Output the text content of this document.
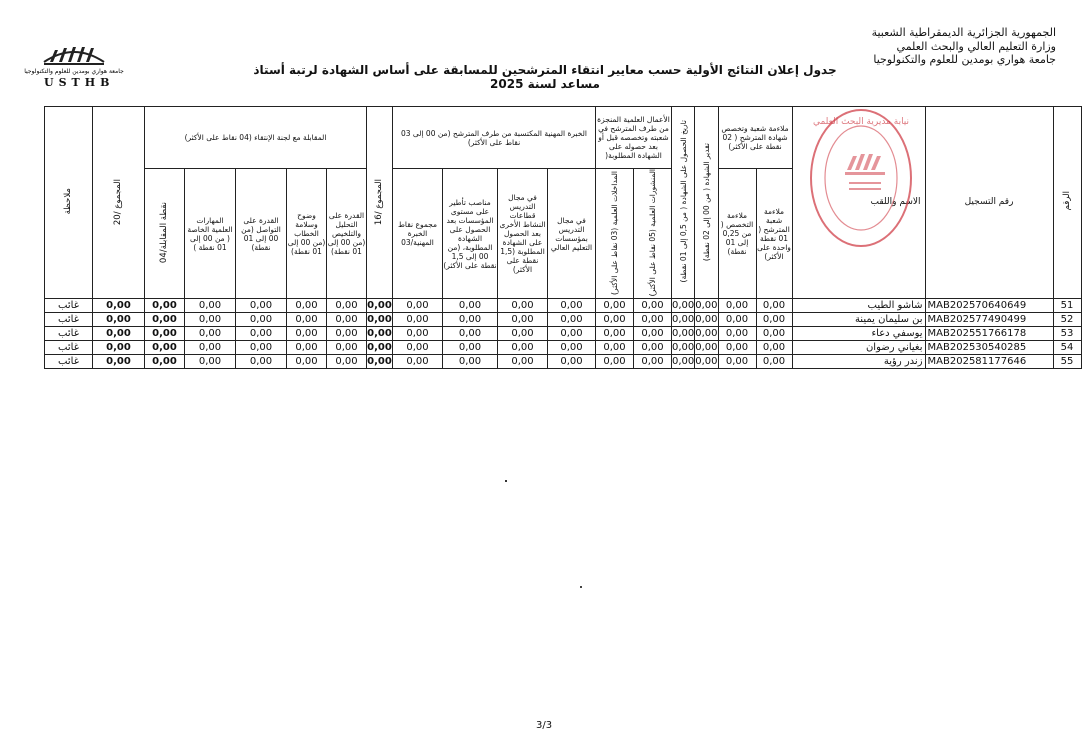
الجمهورية الجزائرية الديمقراطية الشعبية
وزارة التعليم العالي والبحث العلمي
جامعة هواري بومدين للعلوم والتكنولوجيا
جامعة هواري بومدين للعلوم والتكنولوجيا
USTHB
جدول إعلان النتائج الأولية حسب معايير انتقاء المترشحين للمسابقة على أساس الشهادة لرتبة أستاذ مساعد لسنة 2025
الرقم	رقم التسجيل	الاسم واللقب	ملاءمة شعبة وتخصص شهادة المترشح ( 02 نقطة على الأكثر)		تقدير الشهادة ( من 00 إلى 02 نقطة)	تاريخ الحصول على الشهادة ( من 0,5 إلى 01 نقطة)	الأعمال العلمية المنجزة من طرف المترشح في شعبته وتخصصه قبل أو بعد حصوله على الشهادة المطلوبة(		الخبرة المهنية المكتسبة من طرف المترشح (من 00 إلى 03 نقاط على الأكثر)				المجموع /16	المقابلة مع لجنة الإنتقاء (04 نقاط على الأكثر)					المجموع /20	ملاحظة
			ملاءمة شعبة المترشح ( 01 نقطة واحدة على الأكثر)	ملاءمة التخصص ( من 0,25 إلى 01 نقطة)			المنشورات العلمية (05 نقاط على الأكثر)	المداخلات العلمية (03 نقاط على الأكثر)	في مجال التدريس بمؤسسات التعليم العالي	في مجال التدريس قطاعات النشاط الأخرى بعد الحصول على الشهادة المطلوبة (1,5 نقطة على الأكثر)	مناصب تأطير على مستوى المؤسسات بعد الحصول على الشهادة المطلوبة، (من 00 إلى 1,5 نقطة على الأكثر)	مجموع نقاط الخبرة المهنية/03		القدرة على التحليل والتلخيص (من 00 إلى 01 نقطة)	وضوح وسلامة الخطاب (من 00 إلى 01 نقطة)	القدرة على التواصل (من 00 إلى 01 نقطة)	المهارات العلمية الخاصة ( من 00 إلى 01 نقطة )	نقطة المقابلة/04		
51	MAB202570640649	شاشو الطيب	0,00	0,00	0,00	0,00	0,00	0,00	0,00	0,00	0,00	0,00	0,00	0,00	0,00	0,00	0,00	0,00	0,00	غائب
52	MAB202577490499	بن سليمان يمينة	0,00	0,00	0,00	0,00	0,00	0,00	0,00	0,00	0,00	0,00	0,00	0,00	0,00	0,00	0,00	0,00	0,00	غائب
53	MAB202551766178	يوسفي دعاء	0,00	0,00	0,00	0,00	0,00	0,00	0,00	0,00	0,00	0,00	0,00	0,00	0,00	0,00	0,00	0,00	0,00	غائب
54	MAB202530540285	بغياني رضوان	0,00	0,00	0,00	0,00	0,00	0,00	0,00	0,00	0,00	0,00	0,00	0,00	0,00	0,00	0,00	0,00	0,00	غائب
55	MAB202581177646	زندر رؤية	0,00	0,00	0,00	0,00	0,00	0,00	0,00	0,00	0,00	0,00	0,00	0,00	0,00	0,00	0,00	0,00	0,00	غائب
نيابة مديرية البحث العلمي
3/3
